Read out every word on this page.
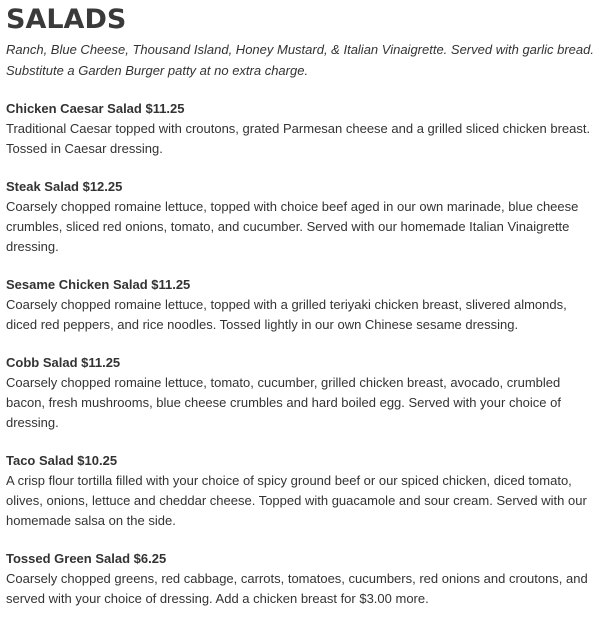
SALADS

Ranch, Blue Cheese, Thousand Island, Honey Mustard, & Italian Vinaigrette. Served with garlic bread. Substitute a Garden Burger patty at no extra charge.

Chicken Caesar Salad $11.25

Traditional Caesar topped with croutons, grated Parmesan cheese and a grilled sliced chicken breast. Tossed in Caesar dressing.

Steak Salad $12.25

Coarsely chopped romaine lettuce, topped with choice beef aged in our own marinade, blue cheese crumbles, sliced red onions, tomato, and cucumber. Served with our homemade Italian Vinaigrette dressing.

Sesame Chicken Salad $11.25

Coarsely chopped romaine lettuce, topped with a grilled teriyaki chicken breast, slivered almonds, diced red peppers, and rice noodles. Tossed lightly in our own Chinese sesame dressing.

Cobb Salad $11.25

Coarsely chopped romaine lettuce, tomato, cucumber, grilled chicken breast, avocado, crumbled bacon, fresh mushrooms, blue cheese crumbles and hard boiled egg. Served with your choice of dressing.

Taco Salad $10.25

A crisp flour tortilla filled with your choice of spicy ground beef or our spiced chicken, diced tomato, olives, onions, lettuce and cheddar cheese. Topped with guacamole and sour cream. Served with our homemade salsa on the side.

Tossed Green Salad $6.25

Coarsely chopped greens, red cabbage, carrots, tomatoes, cucumbers, red onions and croutons, and served with your choice of dressing. Add a chicken breast for $3.00 more.
